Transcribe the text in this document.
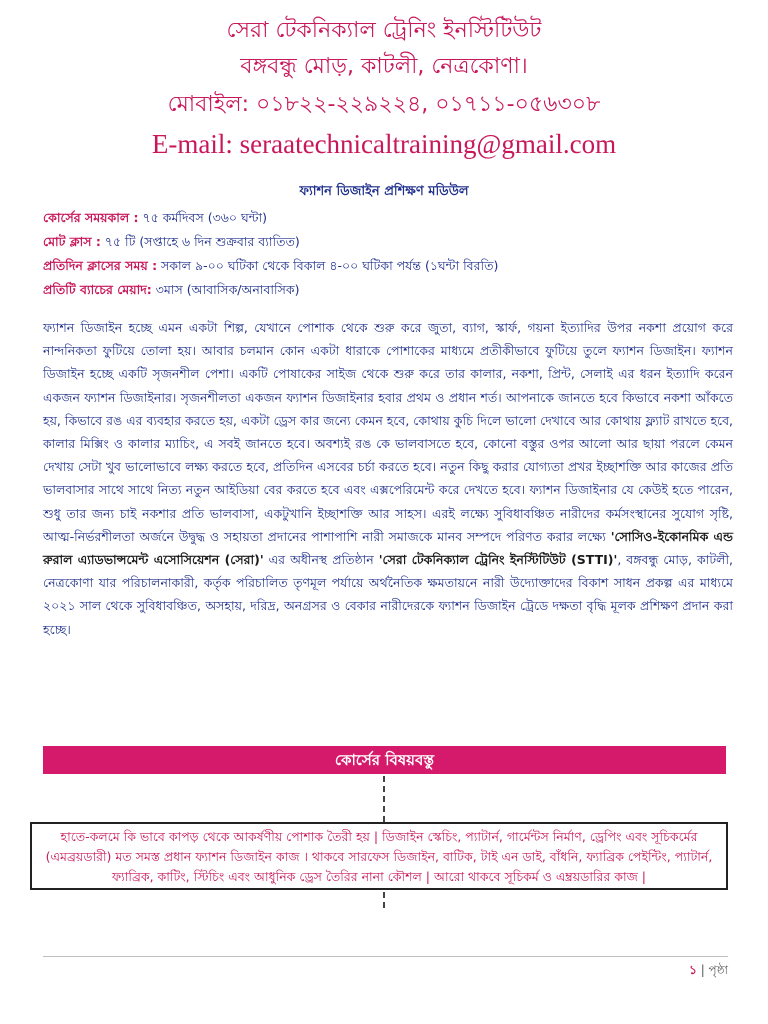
সেরা টেকনিক্যাল ট্রেনিং ইনস্টিটিউট
বঙ্গবন্ধু মোড়, কাটলী, নেত্রকোণা।
মোবাইল: ০১৮২২-২২৯২২৪, ০১৭১১-০৫৬৩০৮
E-mail: seraatechnicaltraining@gmail.com
ফ্যাশন ডিজাইন প্রশিক্ষণ মডিউল
কোর্সের সময়কাল : ৭৫ কর্মদিবস (৩৬০ ঘন্টা)
মোট ক্লাস : ৭৫ টি (সপ্তাহে ৬ দিন শুক্রবার ব্যাতিত)
প্রতিদিন ক্লাসের সময় : সকাল ৯-০০ ঘটিকা থেকে বিকাল ৪-০০ ঘটিকা পর্যন্ত (১ঘন্টা বিরতি)
প্রতিটি ব্যাচের মেয়াদ: ৩মাস (আবাসিক/অনাবাসিক)
ফ্যাশন ডিজাইন হচ্ছে এমন একটা শিল্প, যেখানে পোশাক থেকে শুরু করে জুতা, ব্যাগ, স্কার্ফ, গয়না ইত্যাদির উপর নকশা প্রয়োগ করে নান্দনিকতা ফুটিয়ে তোলা হয়। আবার চলমান কোন একটা ধারাকে পোশাকের মাধ্যমে প্রতীকীভাবে ফুটিয়ে তুলে ফ্যাশন ডিজাইন। ফ্যাশন ডিজাইন হচ্ছে একটি সৃজনশীল পেশা। একটি পোষাকের সাইজ থেকে শুরু করে তার কালার, নকশা, প্রিন্ট, সেলাই এর ধরন ইত্যাদি করেন একজন ফ্যাশন ডিজাইনার। সৃজনশীলতা একজন ফ্যাশন ডিজাইনার হবার প্রথম ও প্রধান শর্ত। আপনাকে জানতে হবে কিভাবে নকশা আঁকতে হয়, কিভাবে রঙ এর ব্যবহার করতে হয়, একটা ড্রেস কার জন্যে কেমন হবে, কোথায় কুচি দিলে ভালো দেখাবে আর কোথায় ফ্ল্যাট রাখতে হবে, কালার মিক্সিং ও কালার ম্যাচিং, এ সবই জানতে হবে। অবশ্যই রঙ কে ভালবাসতে হবে, কোনো বস্তুর ওপর আলো আর ছায়া পরলে কেমন দেখায় সেটা খুব ভালোভাবে লক্ষ্য করতে হবে, প্রতিদিন এসবের চর্চা করতে হবে। নতুন কিছু করার যোগ্যতা প্রখর ইচ্ছাশক্তি আর কাজের প্রতি ভালবাসার সাথে সাথে নিত্য নতুন আইডিয়া বের করতে হবে এবং এক্সপেরিমেন্ট করে দেখতে হবে। ফ্যাশন ডিজাইনার যে কেউই হতে পারেন, শুধু তার জন্য চাই নকশার প্রতি ভালবাসা, একটুখানি ইচ্ছাশক্তি আর সাহস। এরই লক্ষ্যে সুবিধাবঞ্চিত নারীদের কর্মসংস্থানের সুযোগ সৃষ্টি, আত্ম-নির্ভরশীলতা অর্জনে উদ্বুদ্ধ ও সহায়তা প্রদানের পাশাপাশি নারী সমাজকে মানব সম্পদে পরিণত করার লক্ষ্যে 'সোসিও-ইকোনমিক এন্ড রুরাল এ্যাডভান্সমেন্ট এসোসিয়েশন (সেরা)' এর অধীনস্থ প্রতিষ্ঠান 'সেরা টেকনিক্যাল ট্রেনিং ইনস্টিটিউট (STTI)', বঙ্গবন্ধু মোড়, কাটলী, নেত্রকোণা যার পরিচালনাকারী, কর্তৃক পরিচালিত তৃণমূল পর্যায়ে অর্থনৈতিক ক্ষমতায়নে নারী উদ্যোক্তাদের বিকাশ সাধন প্রকল্প এর মাধ্যমে ২০২১ সাল থেকে সুবিধাবঞ্চিত, অসহায়, দরিদ্র, অনগ্রসর ও বেকার নারীদেরকে ফ্যাশন ডিজাইন ট্রেডে দক্ষতা বৃদ্ধি মূলক প্রশিক্ষণ প্রদান করা হচ্ছে।
কোর্সের বিষয়বস্তু
হাতে-কলমে কি ভাবে কাপড় থেকে আকর্ষণীয় পোশাক তৈরী হয় | ডিজাইন স্কেচিং, প্যাটার্ন, গার্মেন্টস নির্মাণ, ড্রেপিং এবং সূচিকর্মের (এমব্রয়ডারী) মত সমস্ত প্রধান ফ্যাশন ডিজাইন কাজ । থাকবে সারফেস ডিজাইন, বাটিক, টাই এন ডাই, বাঁধনি, ফ্যাব্রিক পেইন্টিং, প্যাটার্ন, ফ্যাব্রিক, কাটিং, স্টিচিং এবং আধুনিক ড্রেস তৈরির নানা কৌশল | আরো থাকবে সূচিকর্ম ও এম্ব্রয়ডারির কাজ |
১ | পৃষ্ঠা
